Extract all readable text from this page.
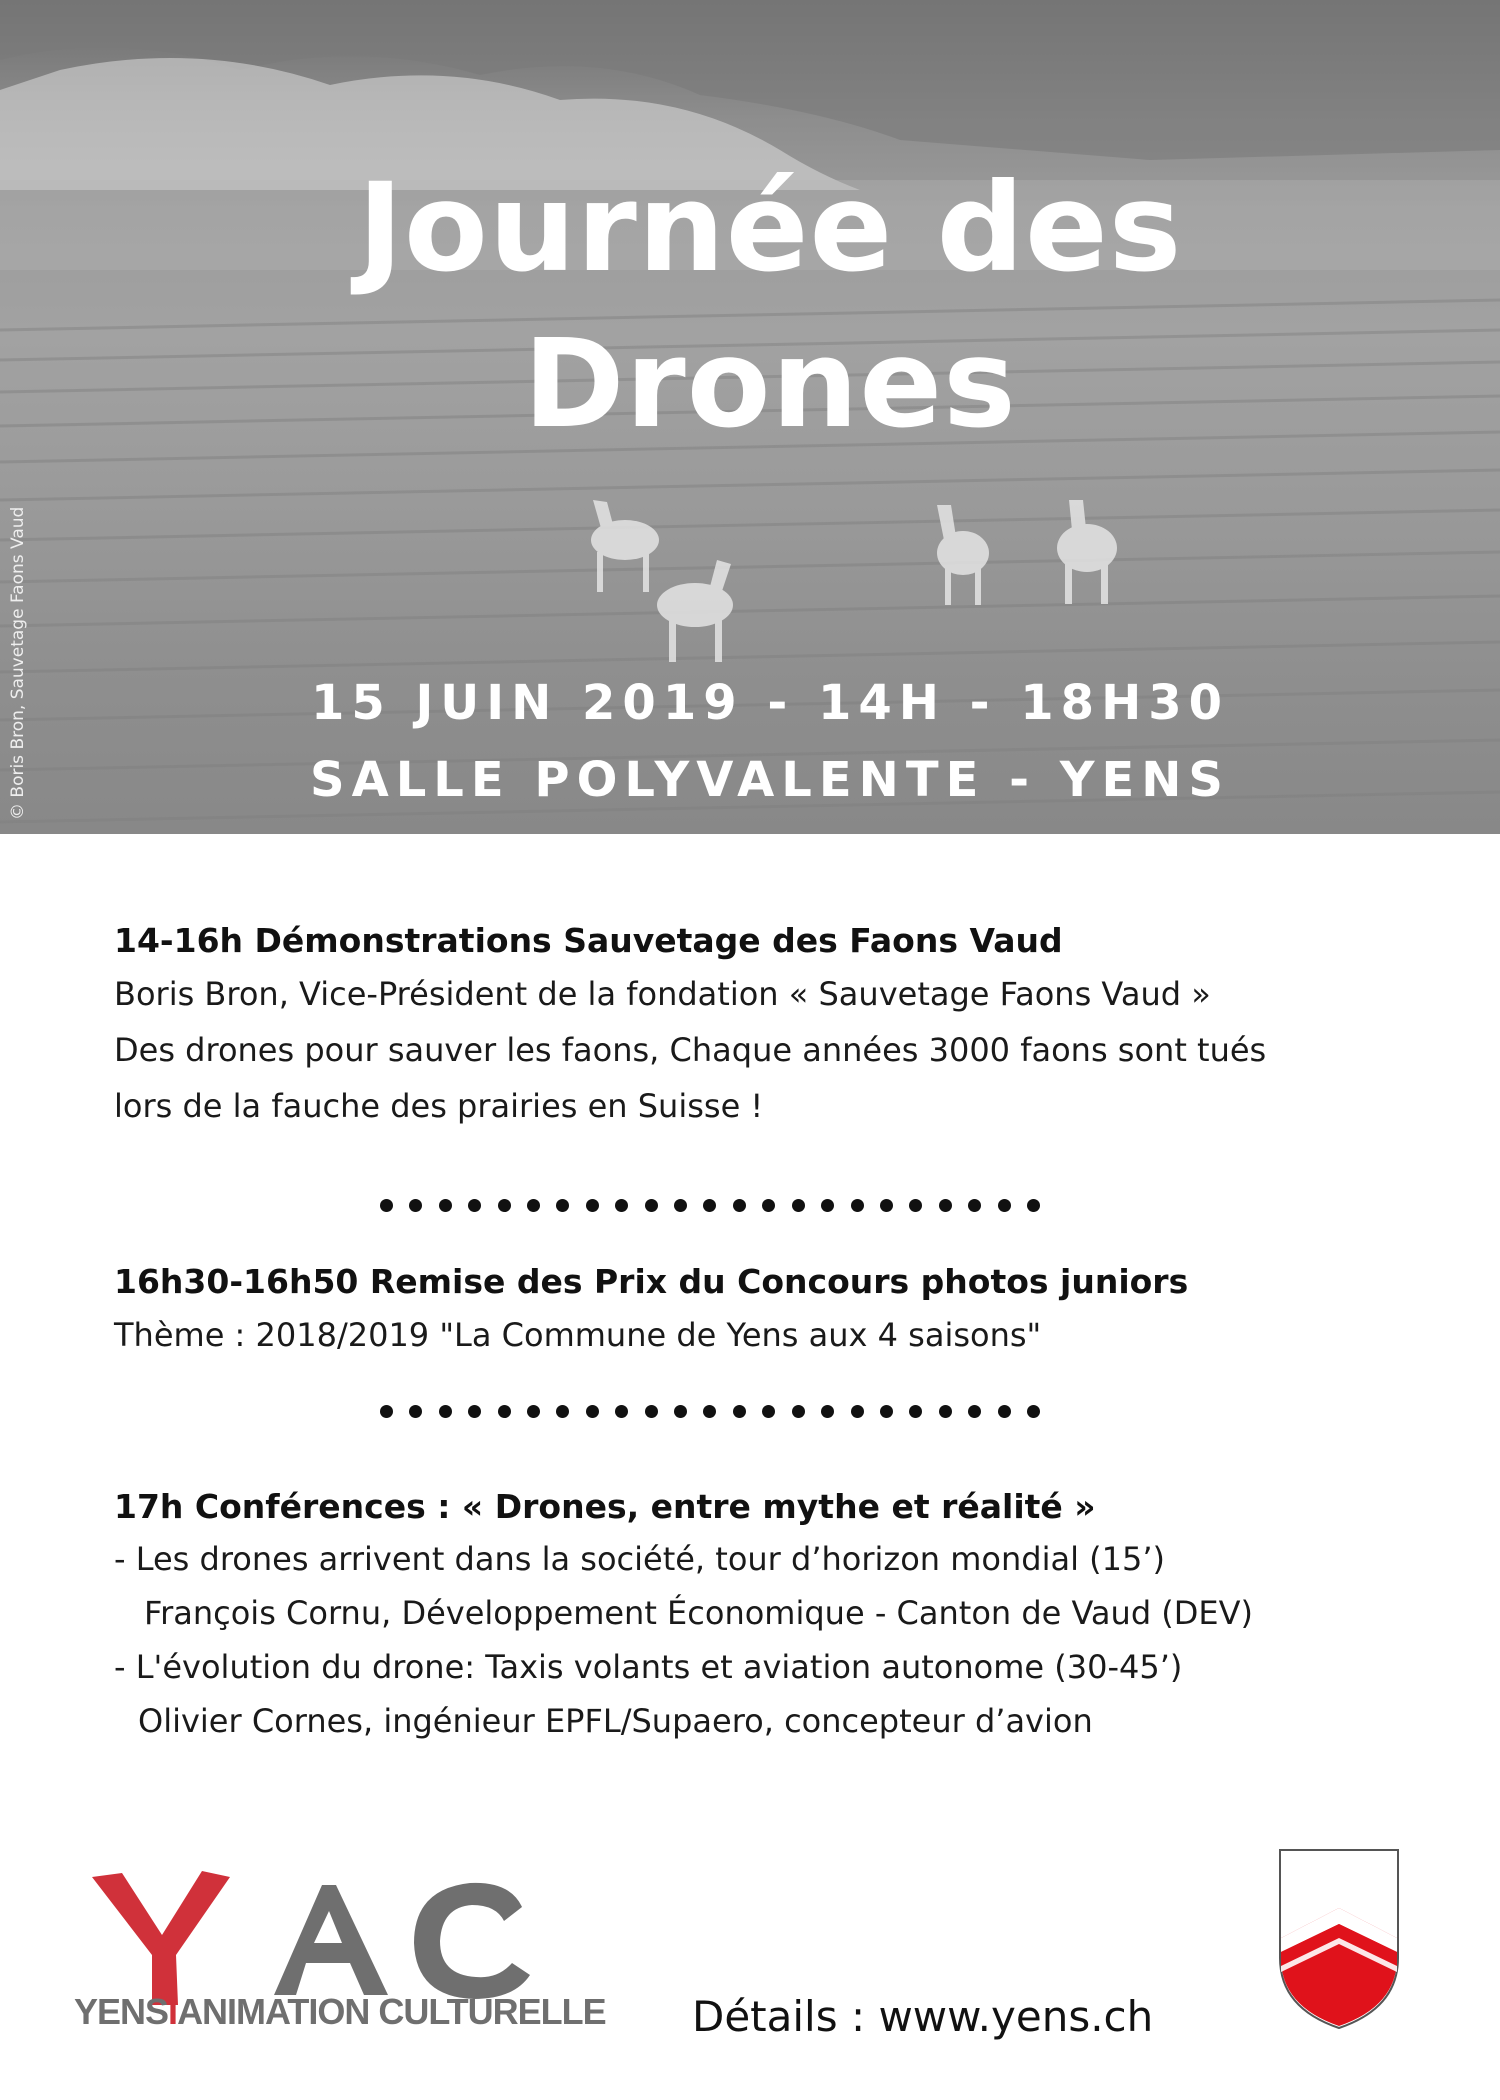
© Boris Bron, Sauvetage Faons Vaud
Journée des
Drones

15 JUIN 2019 - 14H - 18H30

SALLE POLYVALENTE - YENS

14-16h Démonstrations Sauvetage des Faons Vaud

Boris Bron, Vice-Président de la fondation « Sauvetage Faons Vaud »

Des drones pour sauver les faons, Chaque années 3000 faons sont tués

lors de la fauche des prairies en Suisse !

16h30-16h50 Remise des Prix du Concours photos juniors

Thème : 2018/2019 "La Commune de Yens aux 4 saisons"

17h Conférences : « Drones, entre mythe et réalité »

- Les drones arrivent dans la société, tour d’horizon mondial (15’)

François Cornu, Développement Économique - Canton de Vaud (DEV)

- L'évolution du drone: Taxis volants et aviation autonome (30-45’)

Olivier Cornes, ingénieur EPFL/Supaero, concepteur d’avion

YENSIANIMATION CULTURELLE Détails : www.yens.ch
